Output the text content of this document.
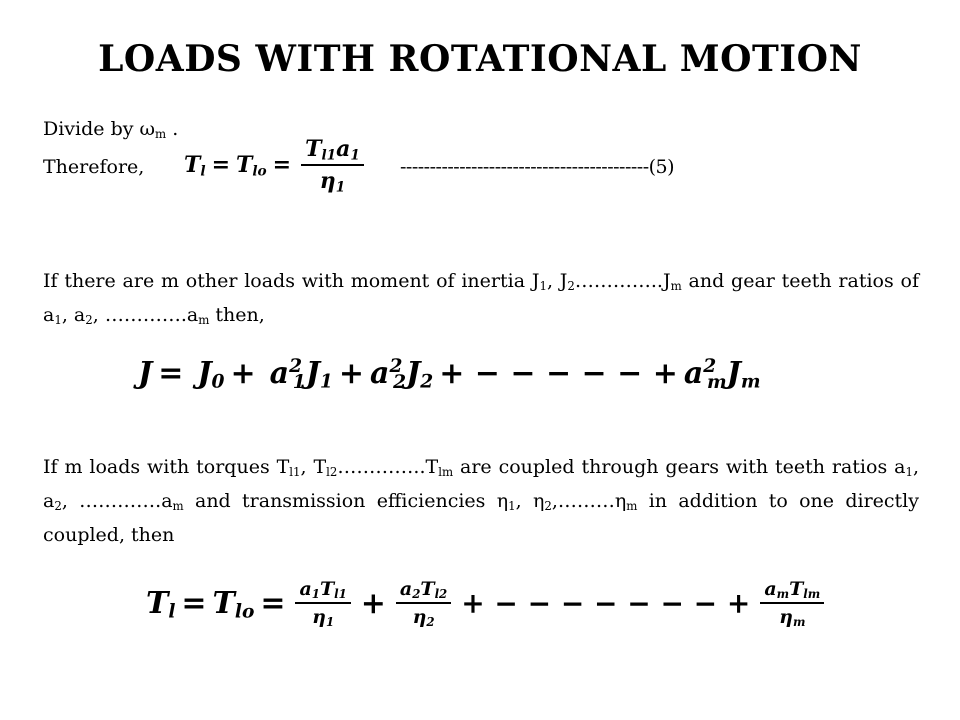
LOADS WITH ROTATIONAL MOTION
Divide by $\omega_m$ .
Therefore, $T_l = T_{lo} = \frac{T_{l1}a_1}{\eta_1} ------------------------------------------(5)$
If there are m other loads with moment of inertia $J_1$, $J_2\dots\dots\dots\dots..J_m$ and gear teeth ratios of $a_1$, $a_2$, $\dots\dots\dots\dots.a_m$ then,
$J = J_0 + a^2_1J_1 + a^2_2J_2$ + − − − − − + $a^2_mJ_m$
If m loads with torques $T_{l1}$, $T_{l2}\dots\dots\dots\dots..T_{lm}$ are coupled through gears with teeth ratios $a_1$, $a_2$, $\dots\dots\dots\dots.a_m$ and transmission efficiencies $\eta_1$, $\eta_2,\dots\dots\dots\eta_m$ in addition to one directly coupled, then
$T_l = T_{lo} = \frac{a_1T_{l1}}{\eta_1} + \frac{a_2T_{l2}}{\eta_2}$ + − − − − − − − + $\frac{a_mT_{lm}}{\eta_m}$
